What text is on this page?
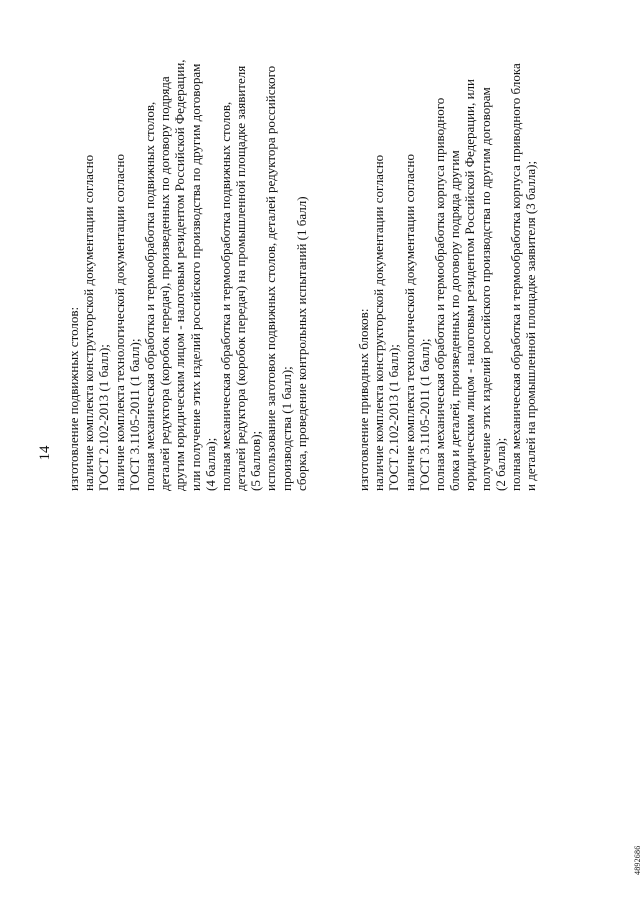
14 изготовление подвижных столов: наличие комплекта конструкторской документации согласно ГОСТ 2.102-2013 (1 балл); наличие комплекта технологической документации согласно ГОСТ 3.1105-2011 (1 балл); полная механическая обработка и термообработка подвижных столов, деталей редуктора (коробок передач), произведенных по договору подряда другим юридическим лицом - налоговым резидентом Российской Федерации, или получение этих изделий российского производства по другим договорам (4 балла); полная механическая обработка и термообработка подвижных столов, деталей редуктора (коробок передач) на промышленной площадке заявителя (5 баллов); использование заготовок подвижных столов, деталей редуктора российского производства (1 балл); сборка, проведение контрольных испытаний (1 балл)	изготовление приводных блоков: наличие комплекта конструкторской документации согласно ГОСТ 2.102-2013 (1 балл); наличие комплекта технологической документации согласно ГОСТ 3.1105-2011 (1 балл); полная механическая обработка и термообработка корпуса приводного блока и деталей, произведенных по договору подряда другим юридическим лицом - налоговым резидентом Российской Федерации, или получение этих изделий российского производства по другим договорам (2 балла); полная механическая обработка и термообработка корпуса приводного блока и деталей на промышленной площадке заявителя (3 балла);
4892686
